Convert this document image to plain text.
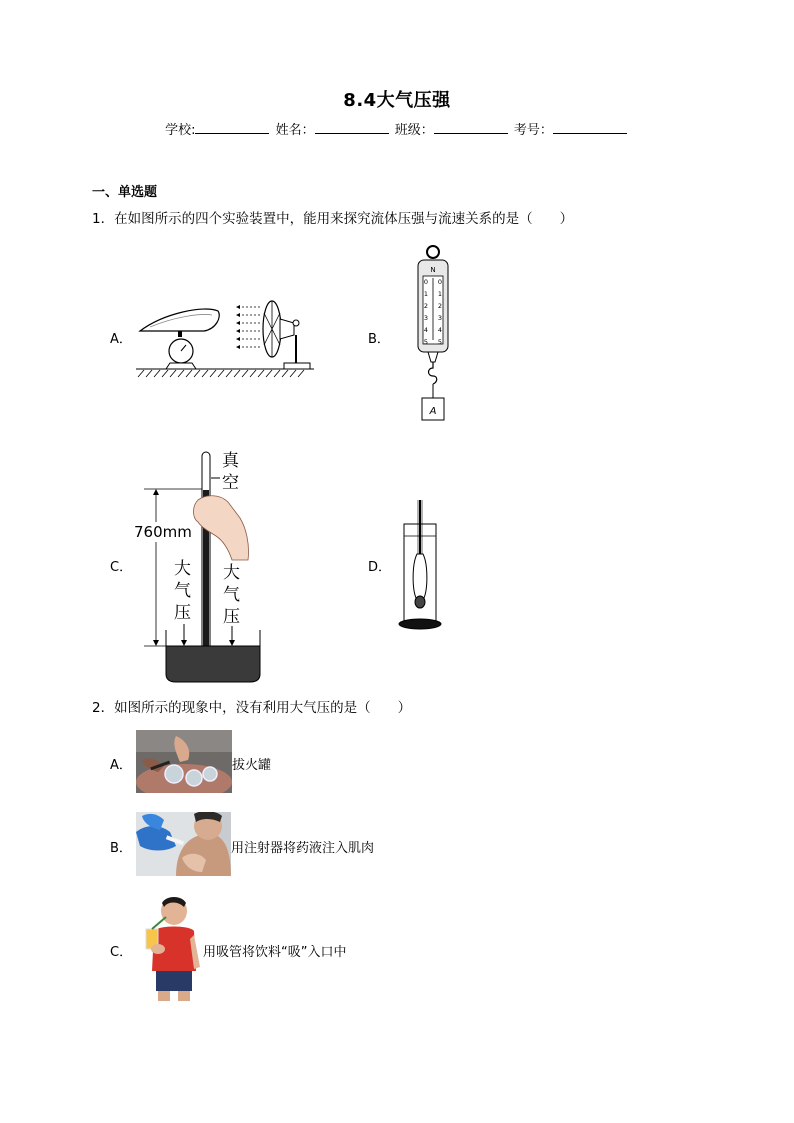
8.4大气压强
学校:	姓名：	班级：	考号：
一、单选题
1．在如图所示的四个实验装置中，能用来探究流体压强与流速关系的是（　　）
A．	B．
N
0
1
2
3
4
5
0
1
2
3
4
5
A
C．
真
空
760mm
大
气
压
大
气
压
D．
2．如图所示的现象中，没有利用大气压的是（　　）
A．	拔火罐
B．	用注射器将药液注入肌肉
C．	用吸管将饮料“吸”入口中
